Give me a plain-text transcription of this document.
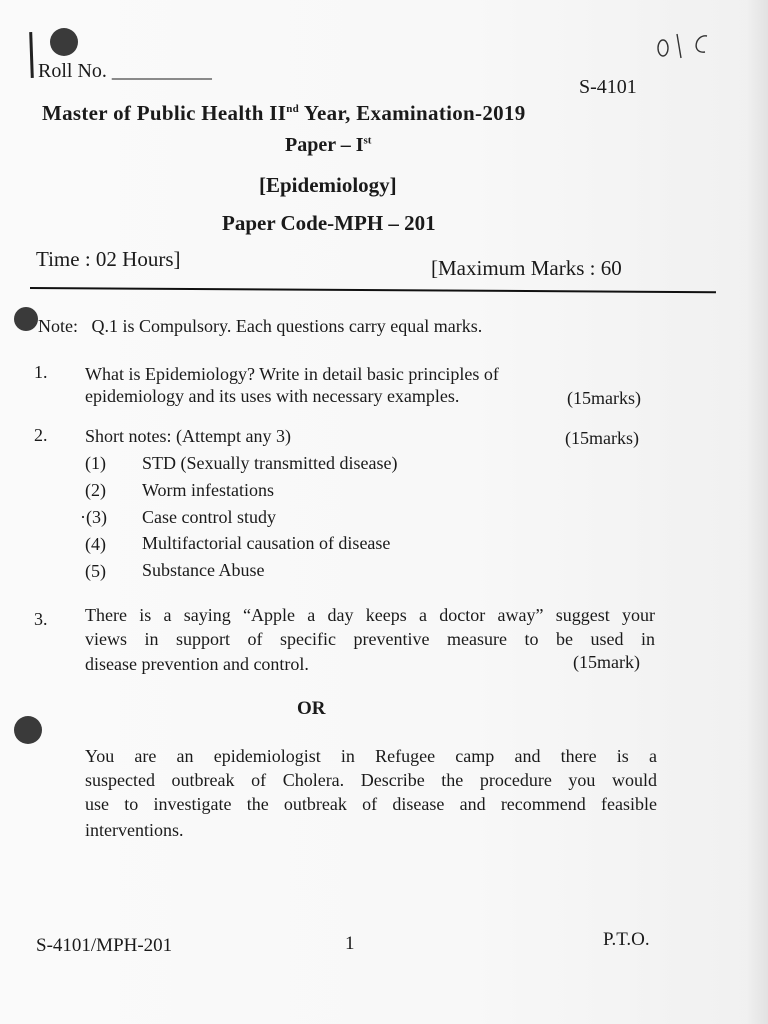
Roll No. ___________
S-4101
Master of Public Health IInd Year, Examination-2019
Paper – Ist
[Epidemiology]
Paper Code-MPH – 201
Time : 02 Hours]	[Maximum Marks : 60
Note: Q.1 is Compulsory. Each questions carry equal marks.
1. What is Epidemiology? Write in detail basic principles of
epidemiology and its uses with necessary examples.	(15marks)
2. Short notes: (Attempt any 3)	(15marks)
(1) STD (Sexually transmitted disease)
(2) Worm infestations
·(3) Case control study
(4) Multifactorial causation of disease
(5) Substance Abuse
3. There is a saying “Apple a day keeps a doctor away” suggest your
views in support of specific preventive measure to be used in
disease prevention and control.	(15mark)
OR
You are an epidemiologist in Refugee camp and there is a
suspected outbreak of Cholera. Describe the procedure you would
use to investigate the outbreak of disease and recommend feasible
interventions.
S-4101/MPH-201	1	P.T.O.
